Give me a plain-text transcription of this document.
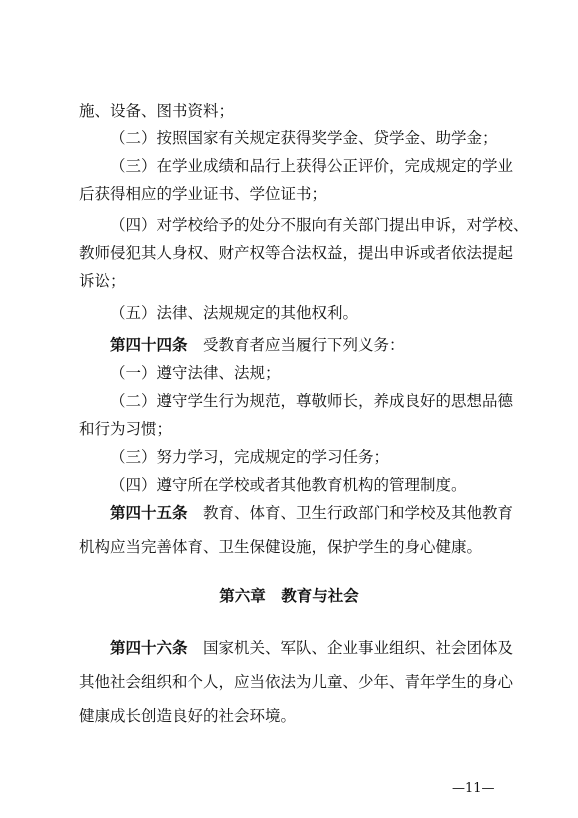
施、设备、图书资料；
（二）按照国家有关规定获得奖学金、贷学金、助学金；
（三）在学业成绩和品行上获得公正评价，完成规定的学业
后获得相应的学业证书、学位证书；
（四）对学校给予的处分不服向有关部门提出申诉，对学校、
教师侵犯其人身权、财产权等合法权益，提出申诉或者依法提起
诉讼；
（五）法律、法规规定的其他权利。
第四十四条　 受教育者应当履行下列义务：
（一）遵守法律、法规；
（二）遵守学生行为规范，尊敬师长，养成良好的思想品德
和行为习惯；
（三）努力学习，完成规定的学习任务；
（四）遵守所在学校或者其他教育机构的管理制度。
第四十五条　 教育、体育、卫生行政部门和学校及其他教育
机构应当完善体育、卫生保健设施，保护学生的身心健康。
第六章　教育与社会
第四十六条　 国家机关、军队、企业事业组织、社会团体及
其他社会组织和个人，应当依法为儿童、少年、青年学生的身心
健康成长创造良好的社会环境。
—11—
